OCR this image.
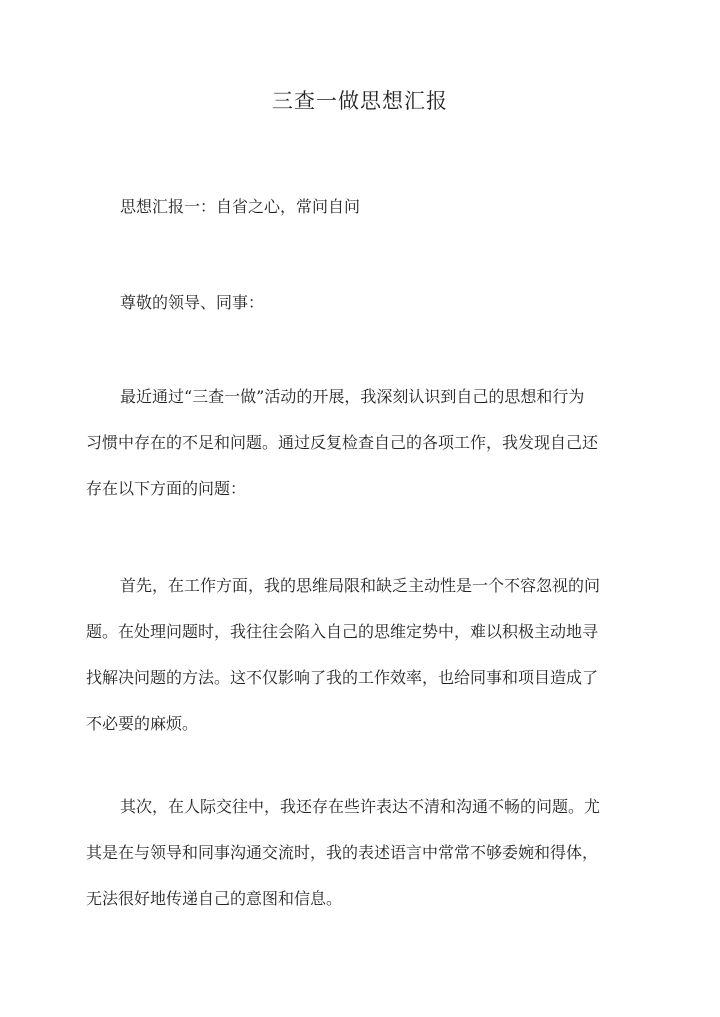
三查一做思想汇报

思想汇报一：自省之心，常问自问

尊敬的领导、同事：

最近通过“三查一做”活动的开展，我深刻认识到自己的思想和行为
习惯中存在的不足和问题。通过反复检查自己的各项工作，我发现自己还
存在以下方面的问题：

首先，在工作方面，我的思维局限和缺乏主动性是一个不容忽视的问
题。在处理问题时，我往往会陷入自己的思维定势中，难以积极主动地寻
找解决问题的方法。这不仅影响了我的工作效率，也给同事和项目造成了
不必要的麻烦。

其次，在人际交往中，我还存在些许表达不清和沟通不畅的问题。尤
其是在与领导和同事沟通交流时，我的表述语言中常常不够委婉和得体，
无法很好地传递自己的意图和信息。
